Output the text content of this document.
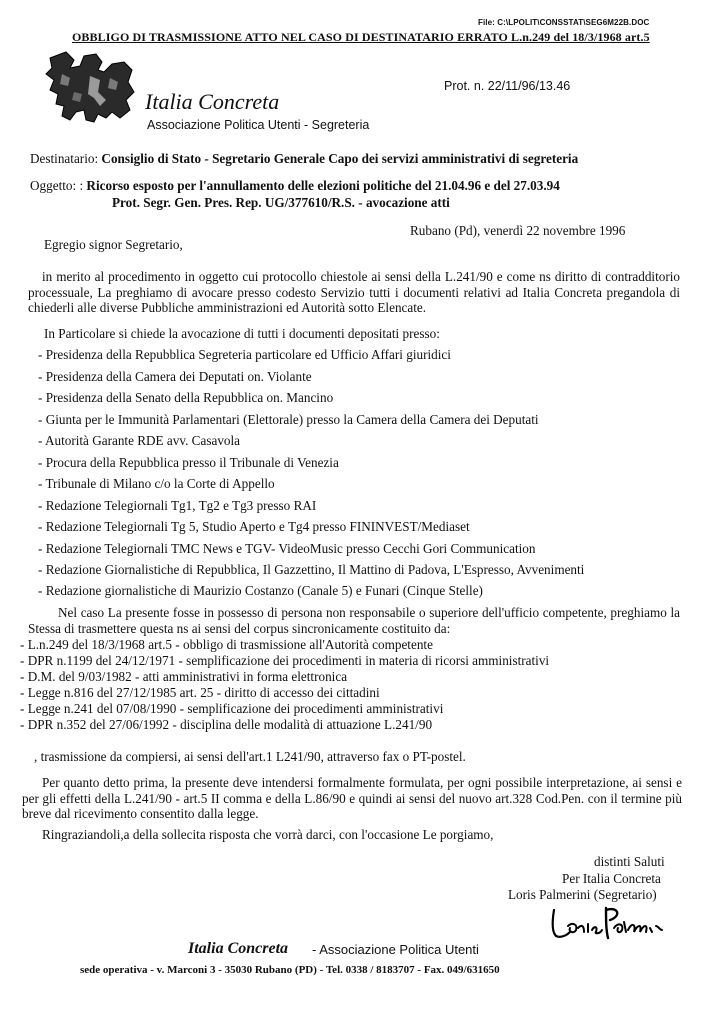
File: C:\LPOLIT\CONSSTAT\SEG6M22B.DOC
OBBLIGO DI TRASMISSIONE ATTO NEL CASO DI DESTINATARIO ERRATO L.n.249 del 18/3/1968 art.5
Italia Concreta
Associazione Politica Utenti - Segreteria
Prot. n. 22/11/96/13.46
Destinatario: Consiglio di Stato - Segretario Generale Capo dei servizi amministrativi di segreteria
Oggetto: : Ricorso esposto per l'annullamento delle elezioni politiche del 21.04.96 e del 27.03.94
Prot. Segr. Gen. Pres. Rep. UG/377610/R.S. - avocazione atti
Rubano (Pd), venerdì 22 novembre 1996
Egregio signor Segretario,
in merito al procedimento in oggetto cui protocollo chiestole ai sensi della L.241/90 e come ns diritto di contradditorio processuale, La preghiamo di avocare presso codesto Servizio tutti i documenti relativi ad Italia Concreta pregandola di chiederli alle diverse Pubbliche amministrazioni ed Autorità sotto Elencate.
In Particolare si chiede la avocazione di tutti i documenti depositati presso:
- Presidenza della Repubblica Segreteria particolare ed Ufficio Affari giuridici
- Presidenza della Camera dei Deputati on. Violante
- Presidenza della Senato della Repubblica on. Mancino
- Giunta per le Immunità Parlamentari (Elettorale) presso la Camera della Camera dei Deputati
- Autorità Garante RDE avv. Casavola
- Procura della Repubblica presso il Tribunale di Venezia
- Tribunale di Milano c/o la Corte di Appello
- Redazione Telegiornali Tg1, Tg2 e Tg3 presso RAI
- Redazione Telegiornali Tg 5, Studio Aperto e Tg4 presso FININVEST/Mediaset
- Redazione Telegiornali TMC News e TGV- VideoMusic presso Cecchi Gori Communication
- Redazione Giornalistiche di Repubblica, Il Gazzettino, Il Mattino di Padova, L'Espresso, Avvenimenti
- Redazione giornalistiche di Maurizio Costanzo (Canale 5) e Funari (Cinque Stelle)
Nel caso La presente fosse in possesso di persona non responsabile o superiore dell'ufficio competente, preghiamo la Stessa di trasmettere questa ns ai sensi del corpus sincronicamente costituito da:
- L.n.249 del 18/3/1968 art.5 - obbligo di trasmissione all'Autorità competente
- DPR n.1199 del 24/12/1971 - semplificazione dei procedimenti in materia di ricorsi amministrativi
- D.M. del 9/03/1982 - atti amministrativi in forma elettronica
- Legge n.816 del 27/12/1985 art. 25 - diritto di accesso dei cittadini
- Legge n.241 del 07/08/1990 - semplificazione dei procedimenti amministrativi
- DPR n.352 del 27/06/1992 - disciplina delle modalità di attuazione L.241/90
, trasmissione da compiersi, ai sensi dell'art.1 L241/90, attraverso fax o PT-postel.
Per quanto detto prima, la presente deve intendersi formalmente formulata, per ogni possibile interpretazione, ai sensi e per gli effetti della L.241/90 - art.5 II comma e della L.86/90 e quindi ai sensi del nuovo art.328 Cod.Pen. con il termine più breve dal ricevimento consentito dalla legge.
Ringraziandoli,a della sollecita risposta che vorrà darci, con l'occasione Le porgiamo,
distinti Saluti
Per Italia Concreta
Loris Palmerini (Segretario)
Italia Concreta - Associazione Politica Utenti
sede operativa - v. Marconi 3 - 35030 Rubano (PD) - Tel. 0338 / 8183707 - Fax. 049/631650
